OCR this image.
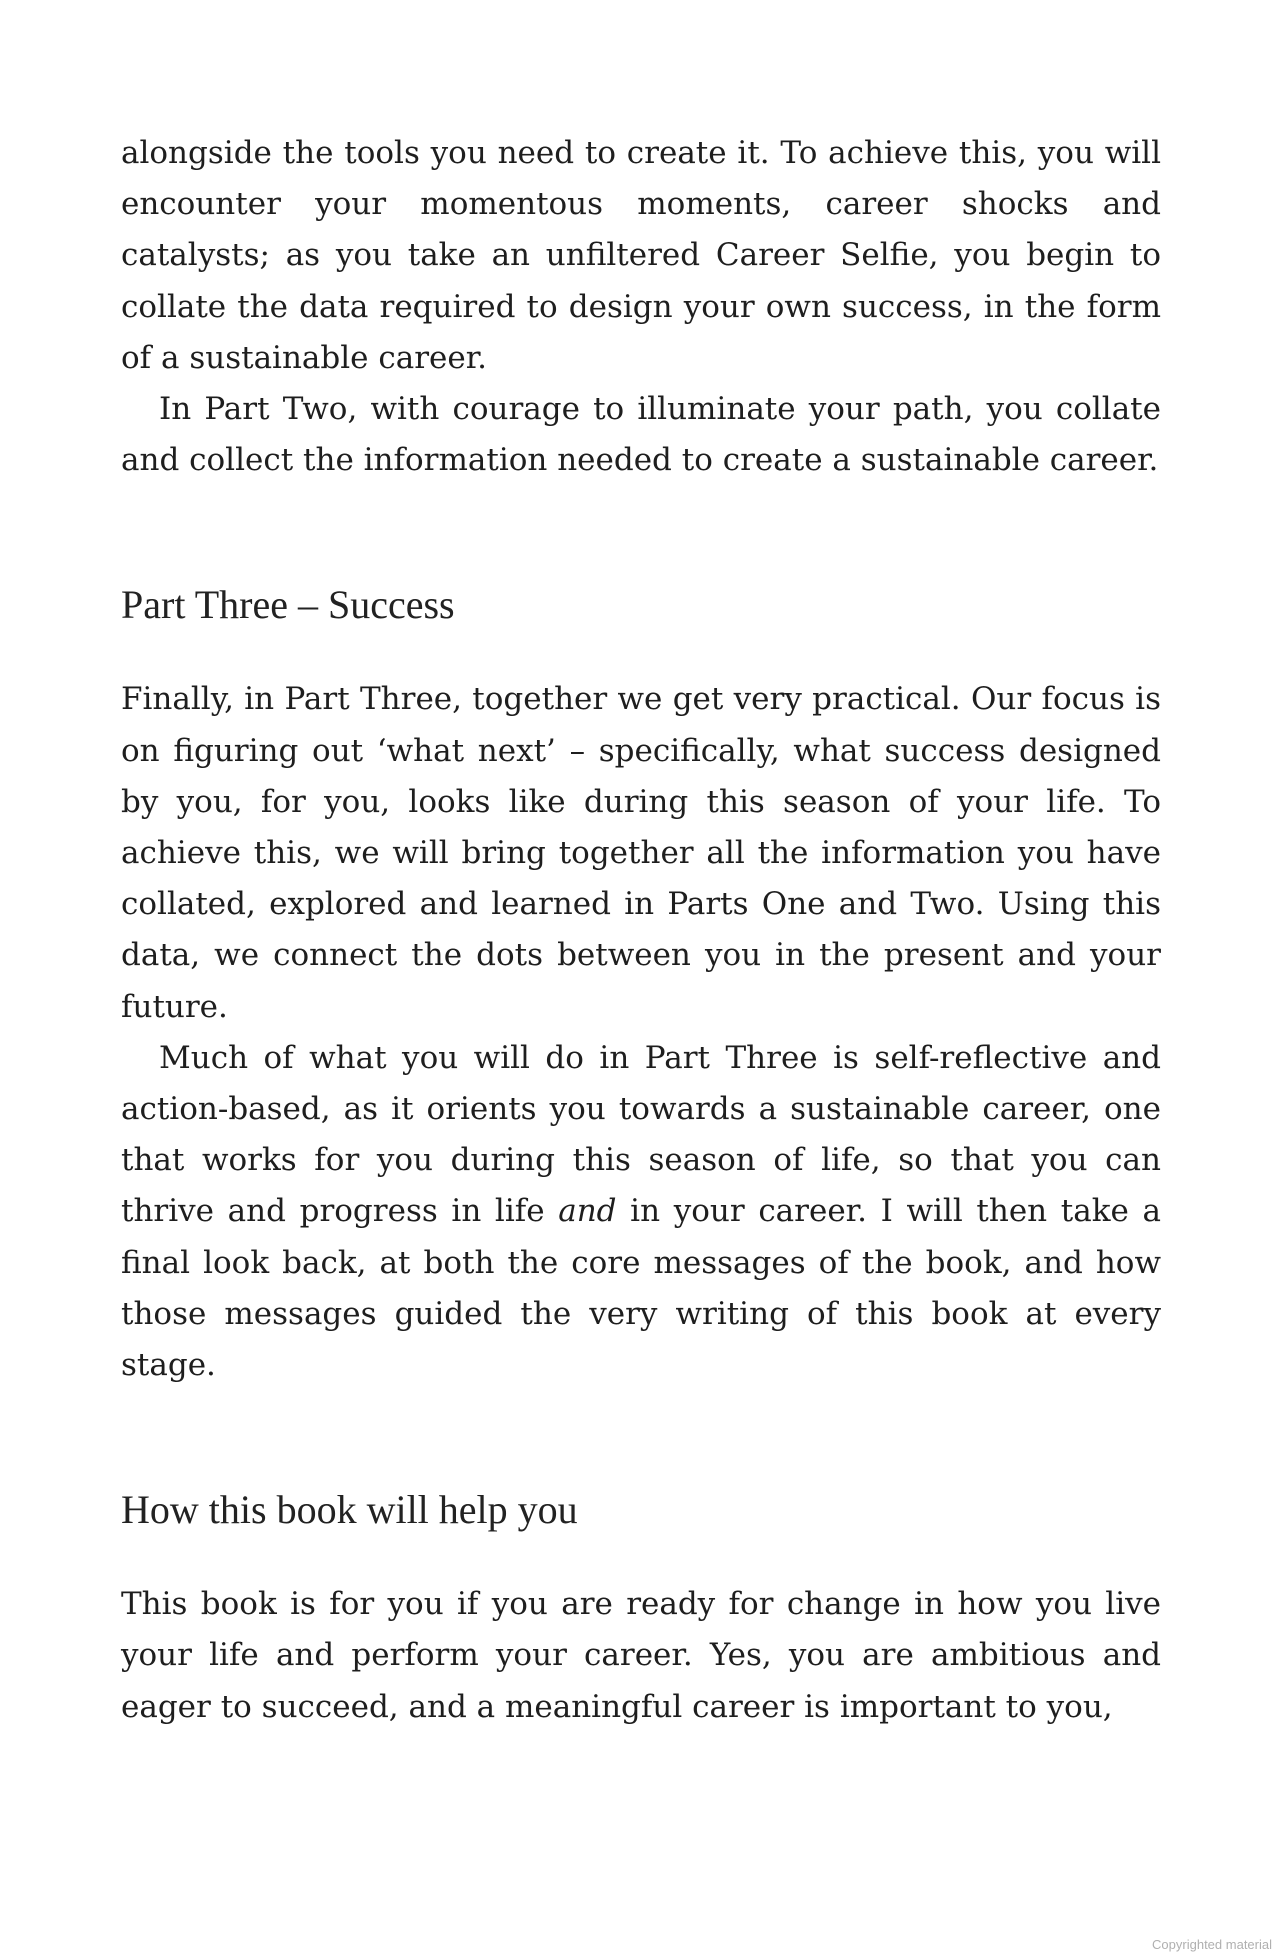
alongside the tools you need to create it. To achieve this, you will encounter your momentous moments, career shocks and catalysts; as you take an unfiltered Career Selfie, you begin to collate the data required to design your own success, in the form of a sustainable career.

In Part Two, with courage to illuminate your path, you collate and collect the information needed to create a sustainable career.

Part Three – Success

Finally, in Part Three, together we get very practical. Our focus is on figuring out ‘what next’ – specifically, what success designed by you, for you, looks like during this season of your life. To achieve this, we will bring together all the information you have collated, explored and learned in Parts One and Two. Using this data, we connect the dots between you in the present and your future.

Much of what you will do in Part Three is self-reflective and action-based, as it orients you towards a sustainable career, one that works for you during this season of life, so that you can thrive and progress in life and in your career. I will then take a final look back, at both the core messages of the book, and how those messages guided the very writing of this book at every stage.

How this book will help you

This book is for you if you are ready for change in how you live your life and perform your career. Yes, you are ambitious and eager to succeed, and a meaningful career is important to you,

Copyrighted material
